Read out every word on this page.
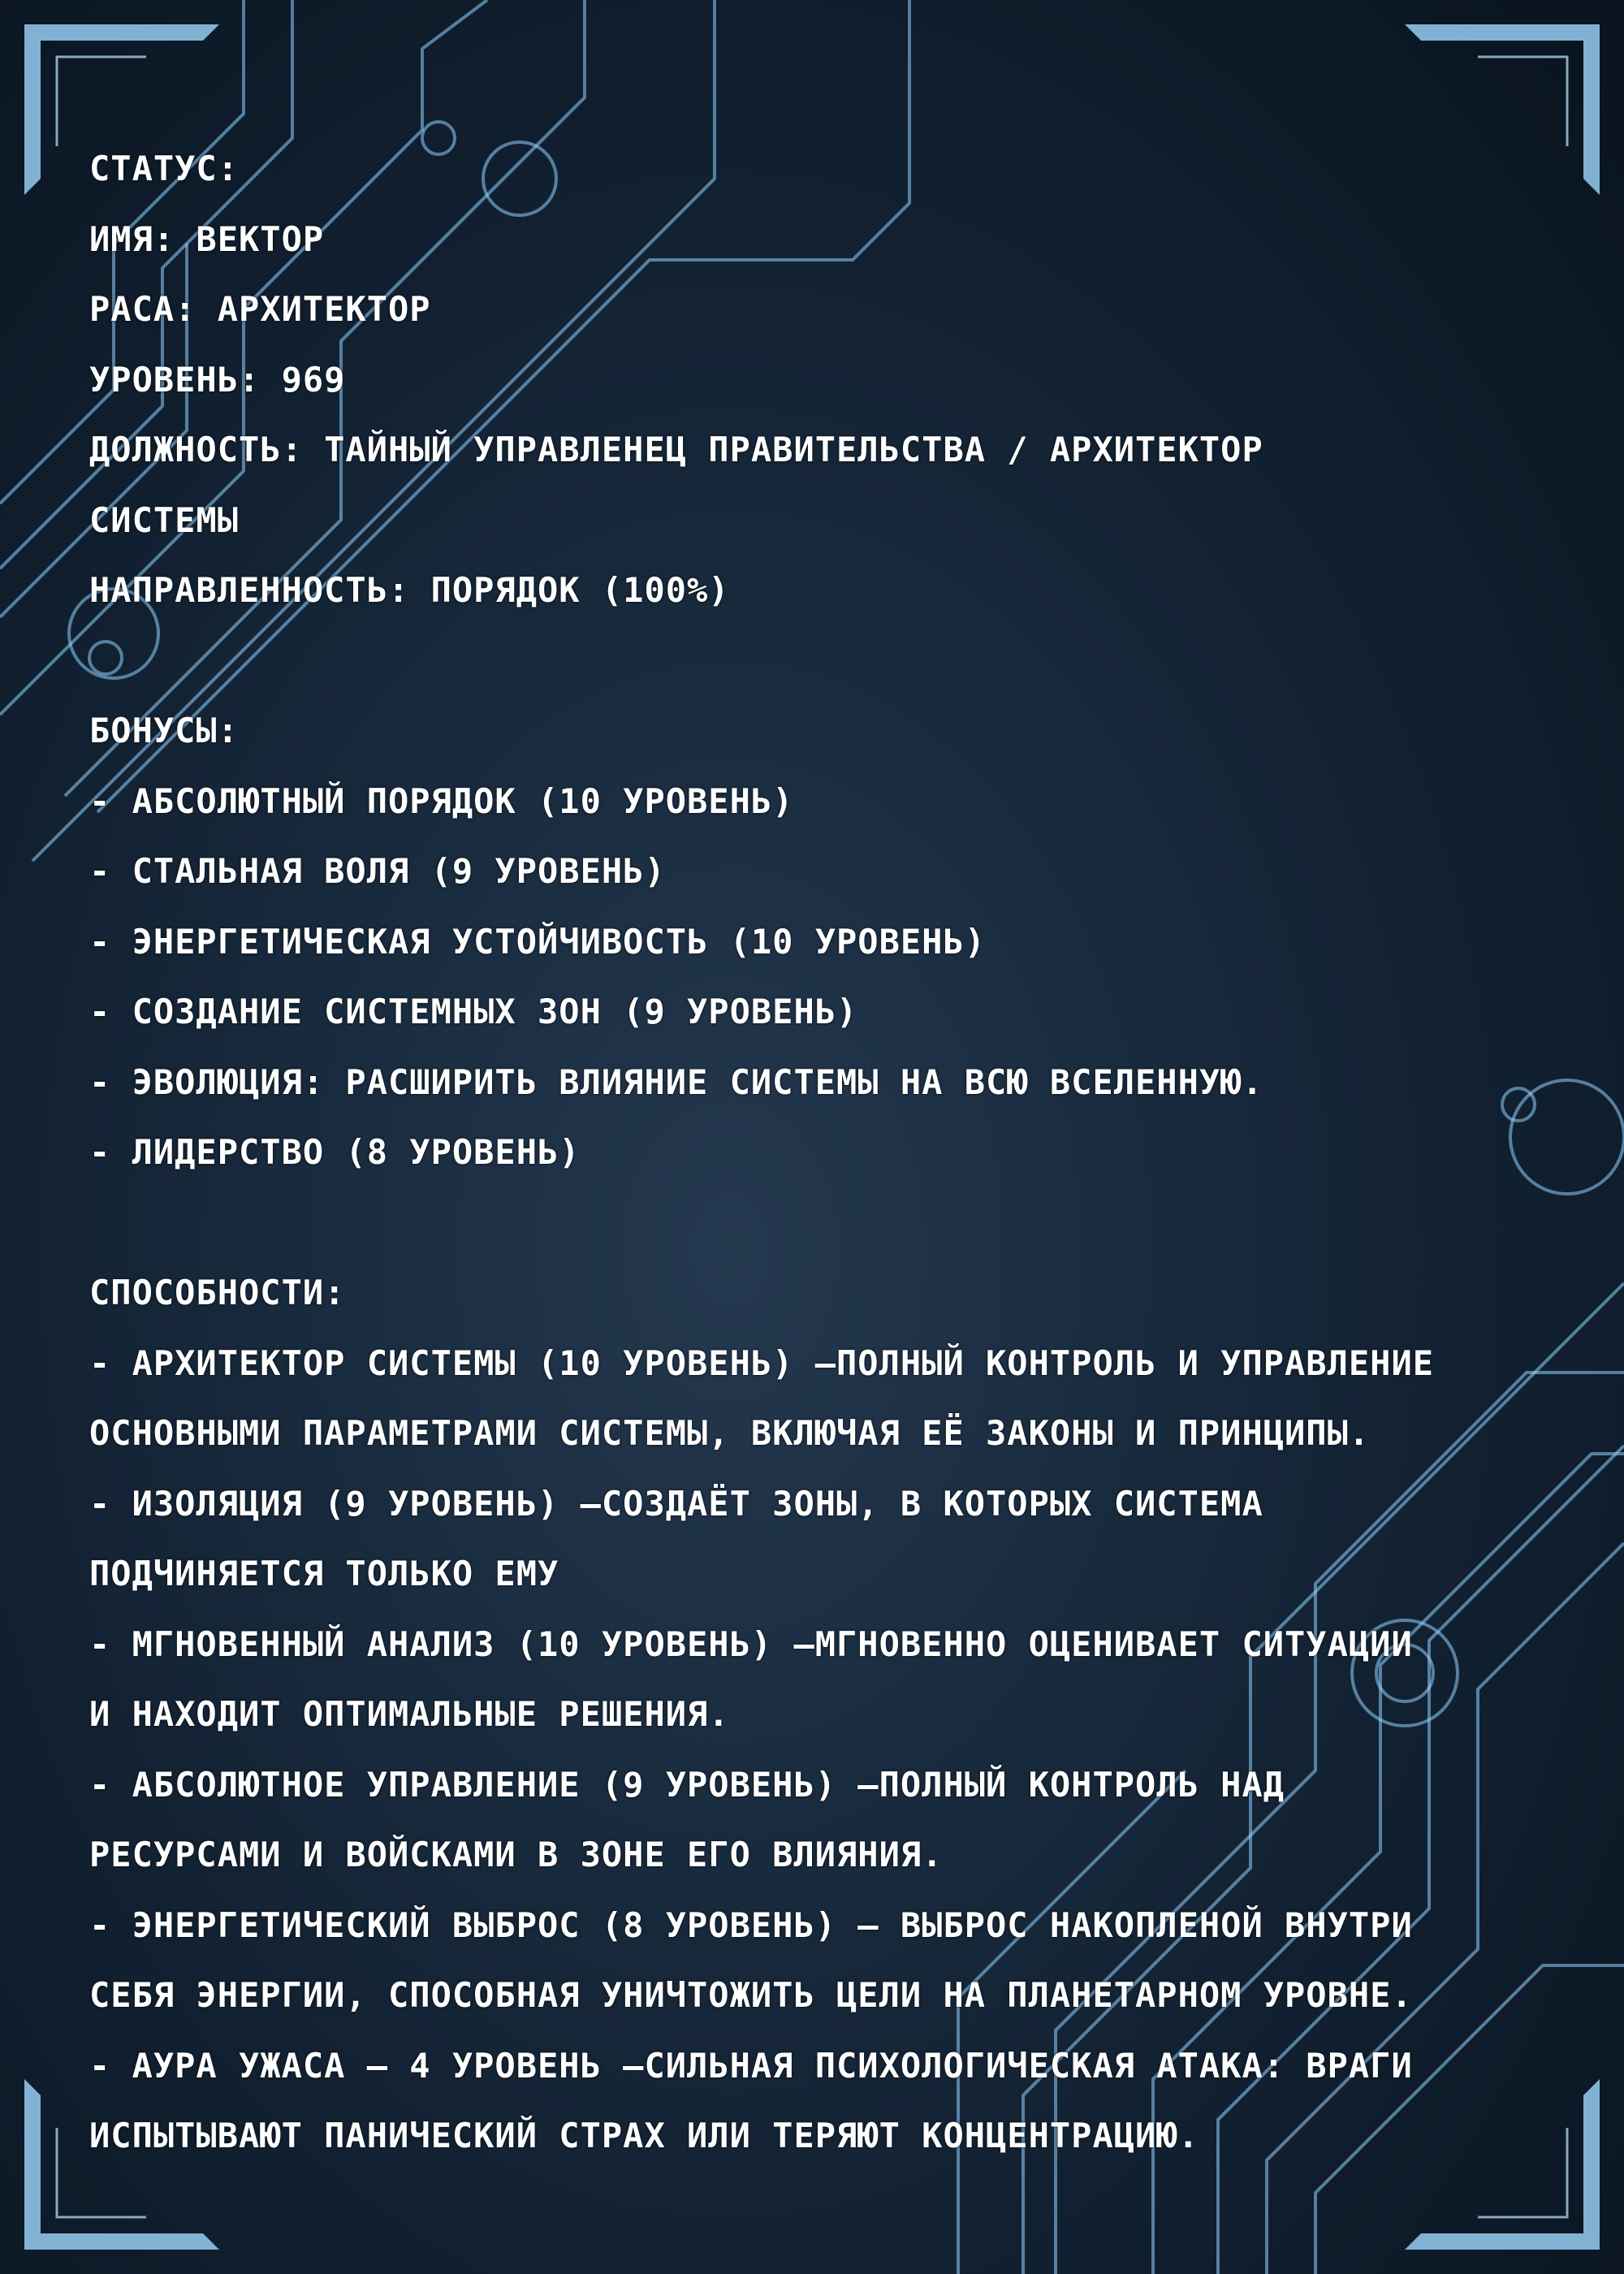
СТАТУС:
ИМЯ: ВЕКТОР
РАСА: АРХИТЕКТОР
УРОВЕНЬ: 969
ДОЛЖНОСТЬ: ТАЙНЫЙ УПРАВЛЕНЕЦ ПРАВИТЕЛЬСТВА / АРХИТЕКТОР
СИСТЕМЫ
НАПРАВЛЕННОСТЬ: ПОРЯДОК (100%)
БОНУСЫ:
- АБСОЛЮТНЫЙ ПОРЯДОК (10 УРОВЕНЬ)
- СТАЛЬНАЯ ВОЛЯ (9 УРОВЕНЬ)
- ЭНЕРГЕТИЧЕСКАЯ УСТОЙЧИВОСТЬ (10 УРОВЕНЬ)
- СОЗДАНИЕ СИСТЕМНЫХ ЗОН (9 УРОВЕНЬ)
- ЭВОЛЮЦИЯ: РАСШИРИТЬ ВЛИЯНИЕ СИСТЕМЫ НА ВСЮ ВСЕЛЕННУЮ.
- ЛИДЕРСТВО (8 УРОВЕНЬ)
СПОСОБНОСТИ:
- АРХИТЕКТОР СИСТЕМЫ (10 УРОВЕНЬ) —ПОЛНЫЙ КОНТРОЛЬ И УПРАВЛЕНИЕ
ОСНОВНЫМИ ПАРАМЕТРАМИ СИСТЕМЫ, ВКЛЮЧАЯ ЕЁ ЗАКОНЫ И ПРИНЦИПЫ.
- ИЗОЛЯЦИЯ (9 УРОВЕНЬ) —СОЗДАЁТ ЗОНЫ, В КОТОРЫХ СИСТЕМА
ПОДЧИНЯЕТСЯ ТОЛЬКО ЕМУ
- МГНОВЕННЫЙ АНАЛИЗ (10 УРОВЕНЬ) —МГНОВЕННО ОЦЕНИВАЕТ СИТУАЦИИ
И НАХОДИТ ОПТИМАЛЬНЫЕ РЕШЕНИЯ.
- АБСОЛЮТНОЕ УПРАВЛЕНИЕ (9 УРОВЕНЬ) —ПОЛНЫЙ КОНТРОЛЬ НАД
РЕСУРСАМИ И ВОЙСКАМИ В ЗОНЕ ЕГО ВЛИЯНИЯ.
- ЭНЕРГЕТИЧЕСКИЙ ВЫБРОС (8 УРОВЕНЬ) — ВЫБРОС НАКОПЛЕНОЙ ВНУТРИ
СЕБЯ ЭНЕРГИИ, СПОСОБНАЯ УНИЧТОЖИТЬ ЦЕЛИ НА ПЛАНЕТАРНОМ УРОВНЕ.
- АУРА УЖАСА — 4 УРОВЕНЬ —СИЛЬНАЯ ПСИХОЛОГИЧЕСКАЯ АТАКА: ВРАГИ
ИСПЫТЫВАЮТ ПАНИЧЕСКИЙ СТРАХ ИЛИ ТЕРЯЮТ КОНЦЕНТРАЦИЮ.
